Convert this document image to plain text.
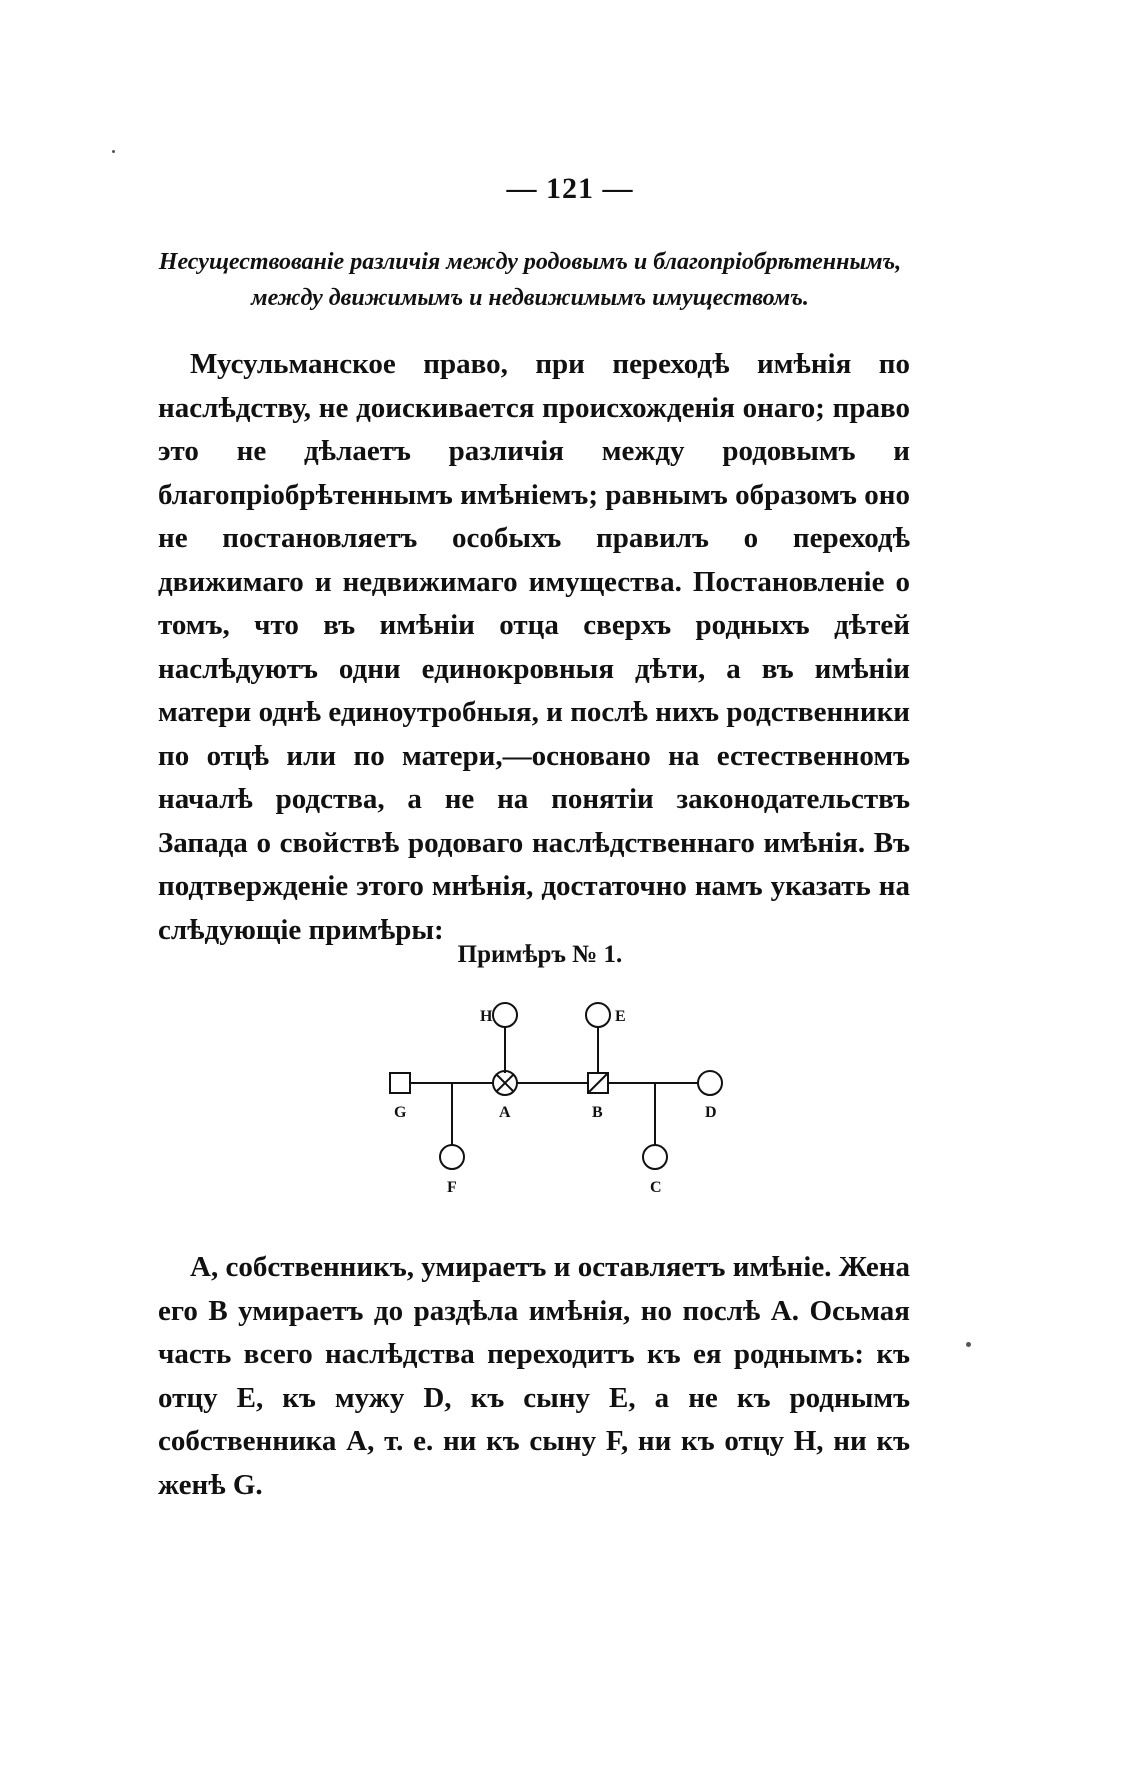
— 121 —
Несуществованіе различія между родовымъ и благопріобрѣтеннымъ, между движимымъ и недвижимымъ имуществомъ.
Мусульманское право, при переходѣ имѣнія по наслѣдству, не доискивается происхожденія онаго; право это не дѣлаетъ различія между родовымъ и благопріобрѣтеннымъ имѣніемъ; равнымъ образомъ оно не постановляетъ особыхъ правилъ о переходѣ движимаго и недвижимаго имущества. Постановленіе о томъ, что въ имѣніи отца сверхъ родныхъ дѣтей наслѣдуютъ одни единокровныя дѣти, а въ имѣніи матери однѣ единоутробныя, и послѣ нихъ родственники по отцѣ или по матери,—основано на естественномъ началѣ родства, а не на понятіи законодательствъ Запада о свойствѣ родоваго наслѣдственнаго имѣнія. Въ подтвержденіе этого мнѣнія, достаточно намъ указать на слѣдующіе примѣры:
Примѣръ № 1.
H	E
G	A	B	D
F	C
А, собственникъ, умираетъ и оставляетъ имѣніе. Жена его В умираетъ до раздѣла имѣнія, но послѣ А. Осьмая часть всего наслѣдства переходитъ къ ея роднымъ: къ отцу Е, къ мужу D, къ сыну Е, а не къ роднымъ собственника А, т. е. ни къ сыну F, ни къ отцу Н, ни къ женѣ G.
